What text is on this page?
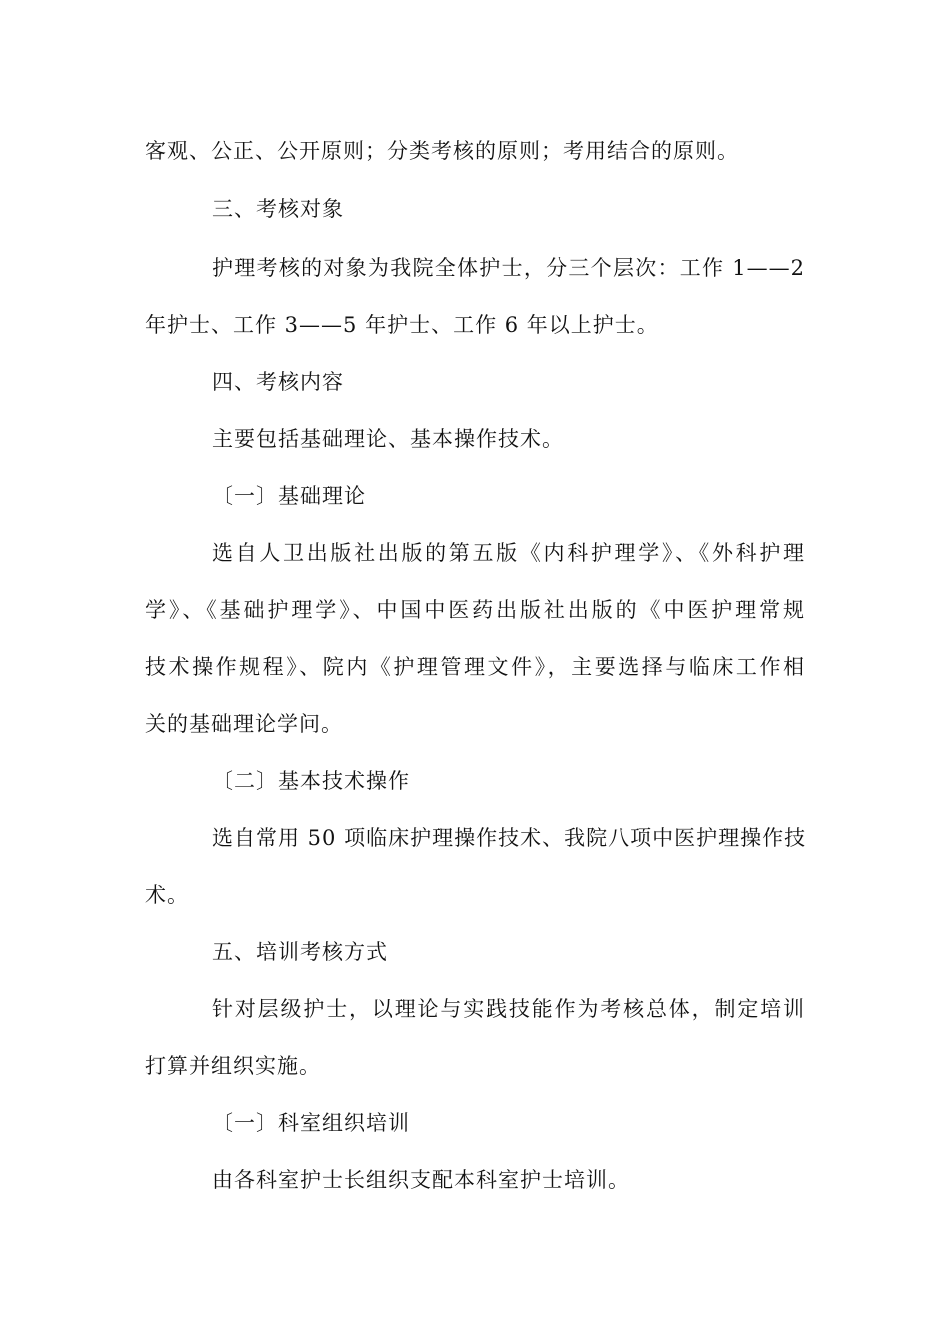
客观、公正、公开原则；分类考核的原则；考用结合的原则。
三、考核对象
护理考核的对象为我院全体护士，分三个层次：工作 1——2
年护士、工作 3——5 年护士、工作 6 年以上护士。
四、考核内容
主要包括基础理论、基本操作技术。
〔一〕基础理论
选自人卫出版社出版的第五版《内科护理学》、《外科护理
学》、《基础护理学》、中国中医药出版社出版的《中医护理常规
技术操作规程》、院内《护理管理文件》，主要选择与临床工作相
关的基础理论学问。
〔二〕基本技术操作
选自常用 50 项临床护理操作技术、我院八项中医护理操作技
术。
五、培训考核方式
针对层级护士，以理论与实践技能作为考核总体，制定培训
打算并组织实施。
〔一〕科室组织培训
由各科室护士长组织支配本科室护士培训。
